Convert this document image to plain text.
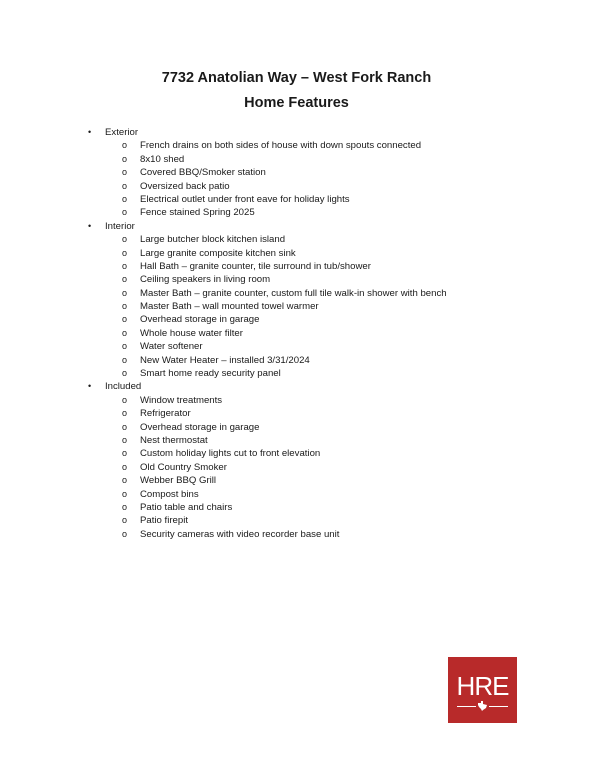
7732 Anatolian Way – West Fork Ranch
Home Features
• Exterior
o French drains on both sides of house with down spouts connected
o 8x10 shed
o Covered BBQ/Smoker station
o Oversized back patio
o Electrical outlet under front eave for holiday lights
o Fence stained Spring 2025
• Interior
o Large butcher block kitchen island
o Large granite composite kitchen sink
o Hall Bath – granite counter, tile surround in tub/shower
o Ceiling speakers in living room
o Master Bath – granite counter, custom full tile walk-in shower with bench
o Master Bath – wall mounted towel warmer
o Overhead storage in garage
o Whole house water filter
o Water softener
o New Water Heater – installed 3/31/2024
o Smart home ready security panel
• Included
o Window treatments
o Refrigerator
o Overhead storage in garage
o Nest thermostat
o Custom holiday lights cut to front elevation
o Old Country Smoker
o Webber BBQ Grill
o Compost bins
o Patio table and chairs
o Patio firepit
o Security cameras with video recorder base unit
HRE
